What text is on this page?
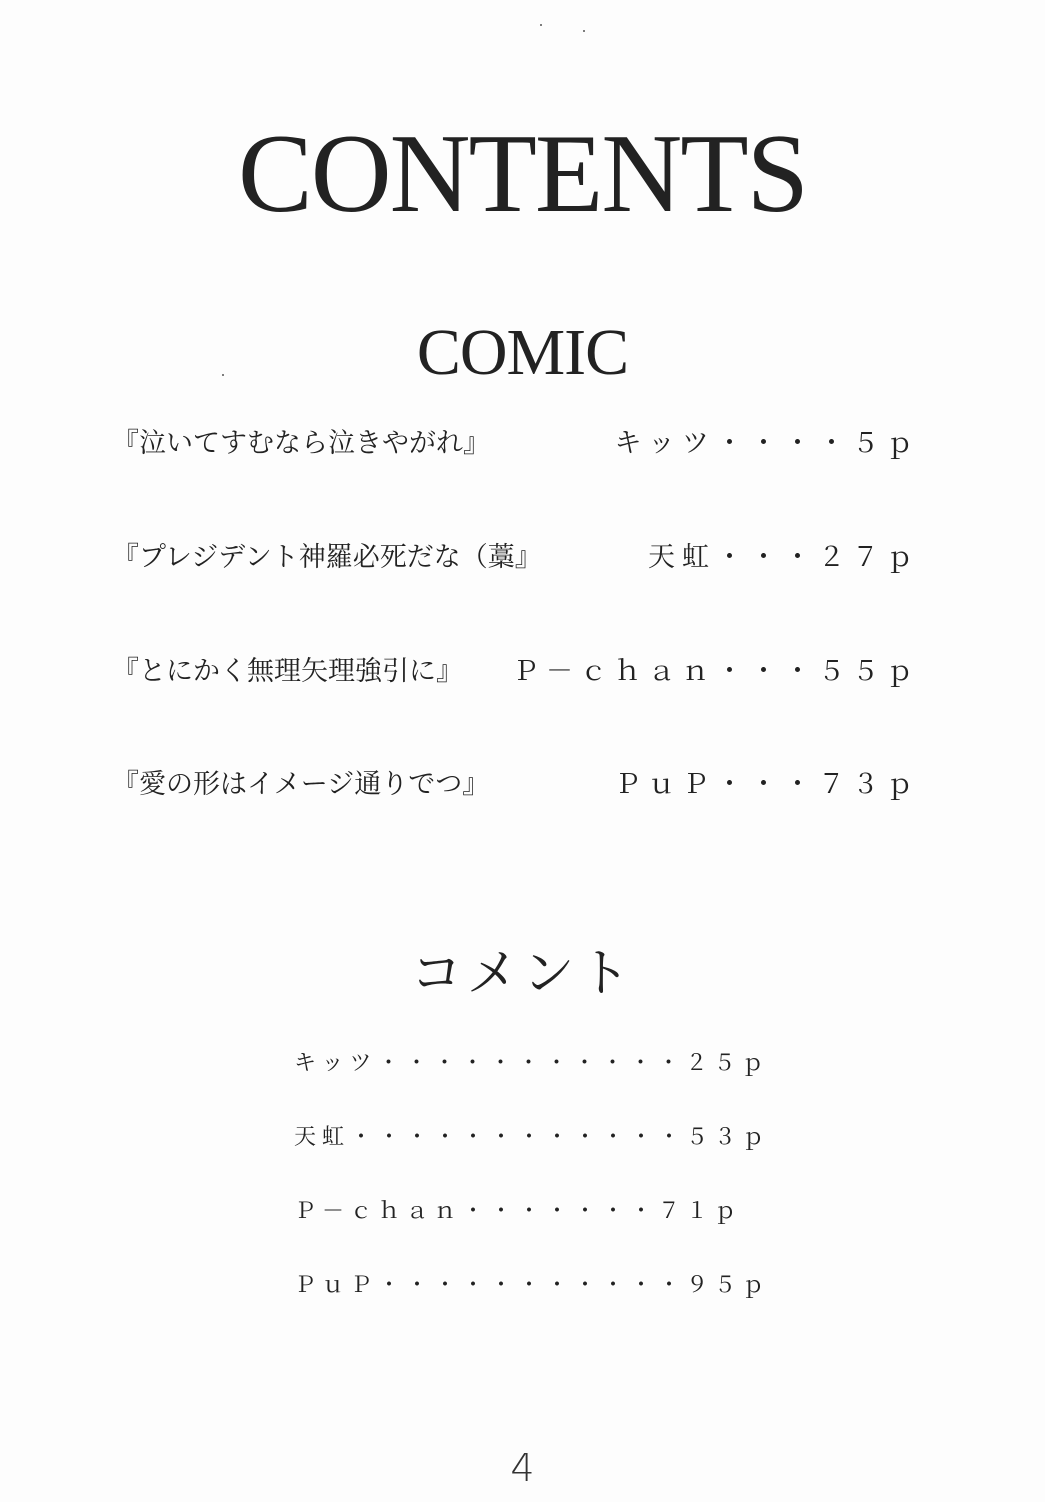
CONTENTS
COMIC
『泣いてすむなら泣きやがれ』	キッツ・・・・５ｐ
『プレジデント神羅必死だな（藁』	天虹・・・２７ｐ
『とにかく無理矢理強引に』 Ｐ－ｃｈａｎ・・・５５ｐ
『愛の形はイメージ通りでつ』	ＰｕＰ・・・７３ｐ
コメント
キッツ・・・・・・・・・・・２５ｐ
天虹・・・・・・・・・・・・５３ｐ
Ｐ－ｃｈａｎ・・・・・・・７１ｐ
ＰｕＰ・・・・・・・・・・・９５ｐ
4
